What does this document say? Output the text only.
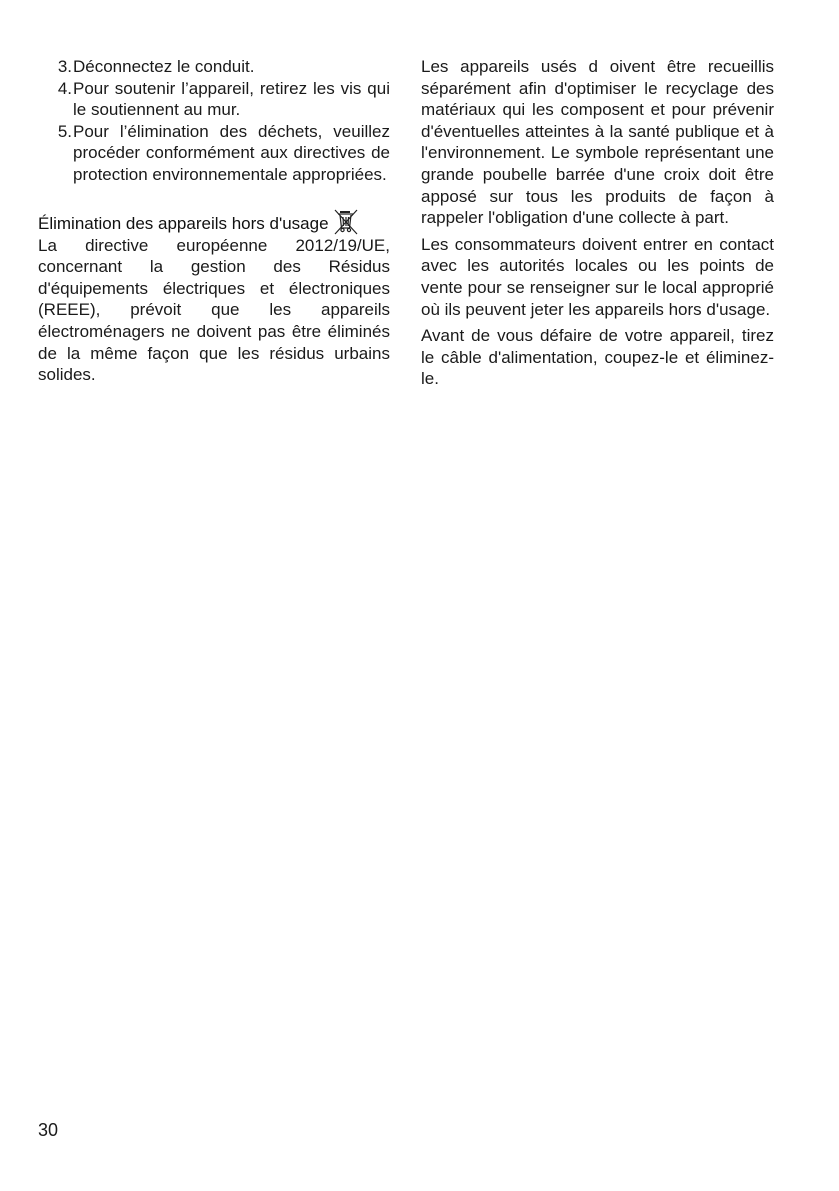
3. Déconnectez le conduit.
4. Pour soutenir l’appareil, retirez les vis qui le soutiennent au mur.
5. Pour l’élimination des déchets, veuillez procéder conformément aux directives de protection environnementale appropriées.
Élimination des appareils hors d'usage

La directive européenne 2012/19/UE, concernant la gestion des Résidus d'équipements électriques et électroniques (REEE), prévoit que les appareils électroménagers ne doivent pas être éliminés de la même façon que les résidus urbains solides.

Les appareils usés d oivent être recueillis séparément afin d'optimiser le recyclage des matériaux qui les composent et pour prévenir d'éventuelles atteintes à la santé publique et à l'environnement. Le symbole représentant une grande poubelle barrée d'une croix doit être apposé sur tous les produits de façon à rappeler l'obligation d'une collecte à part.

Les consommateurs doivent entrer en contact avec les autorités locales ou les points de vente pour se renseigner sur le local approprié où ils peuvent jeter les appareils hors d'usage.

Avant de vous défaire de votre appareil, tirez le câble d'alimentation, coupez-le et éliminez-le.

30
